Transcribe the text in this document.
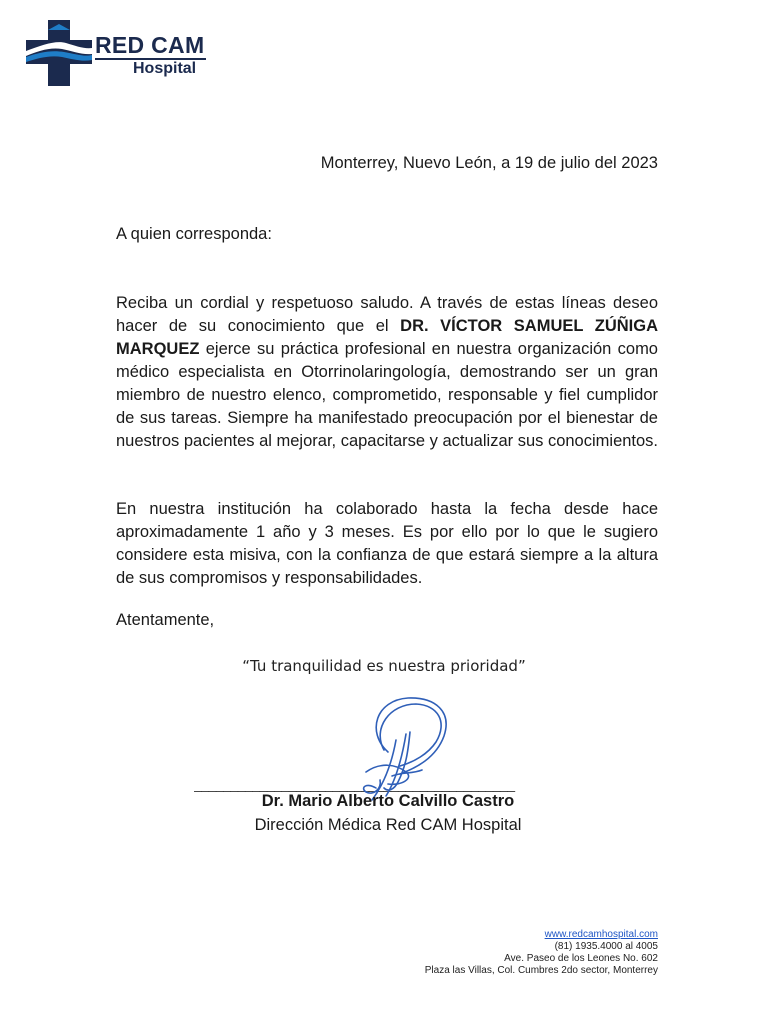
RED CAM
Hospital
Monterrey, Nuevo León, a 19 de julio del 2023
A quien corresponda:

Reciba un cordial y respetuoso saludo. A través de estas líneas deseo hacer de su conocimiento que el DR. VÍCTOR SAMUEL ZÚÑIGA MARQUEZ ejerce su práctica profesional en nuestra organización como médico especialista en Otorrinolaringología, demostrando ser un gran miembro de nuestro elenco, comprometido, responsable y fiel cumplidor de sus tareas. Siempre ha manifestado preocupación por el bienestar de nuestros pacientes al mejorar, capacitarse y actualizar sus conocimientos.

En nuestra institución ha colaborado hasta la fecha desde hace aproximadamente 1 año y 3 meses. Es por ello por lo que le sugiero considere esta misiva, con la confianza de que estará siempre a la altura de sus compromisos y responsabilidades.

Atentamente,
“Tu tranquilidad es nuestra prioridad”
____________________________________________
Dr. Mario Alberto Calvillo Castro
Dirección Médica Red CAM Hospital
www.redcamhospital.com
(81) 1935.4000 al 4005
Ave. Paseo de los Leones No. 602
Plaza las Villas, Col. Cumbres 2do sector, Monterrey
